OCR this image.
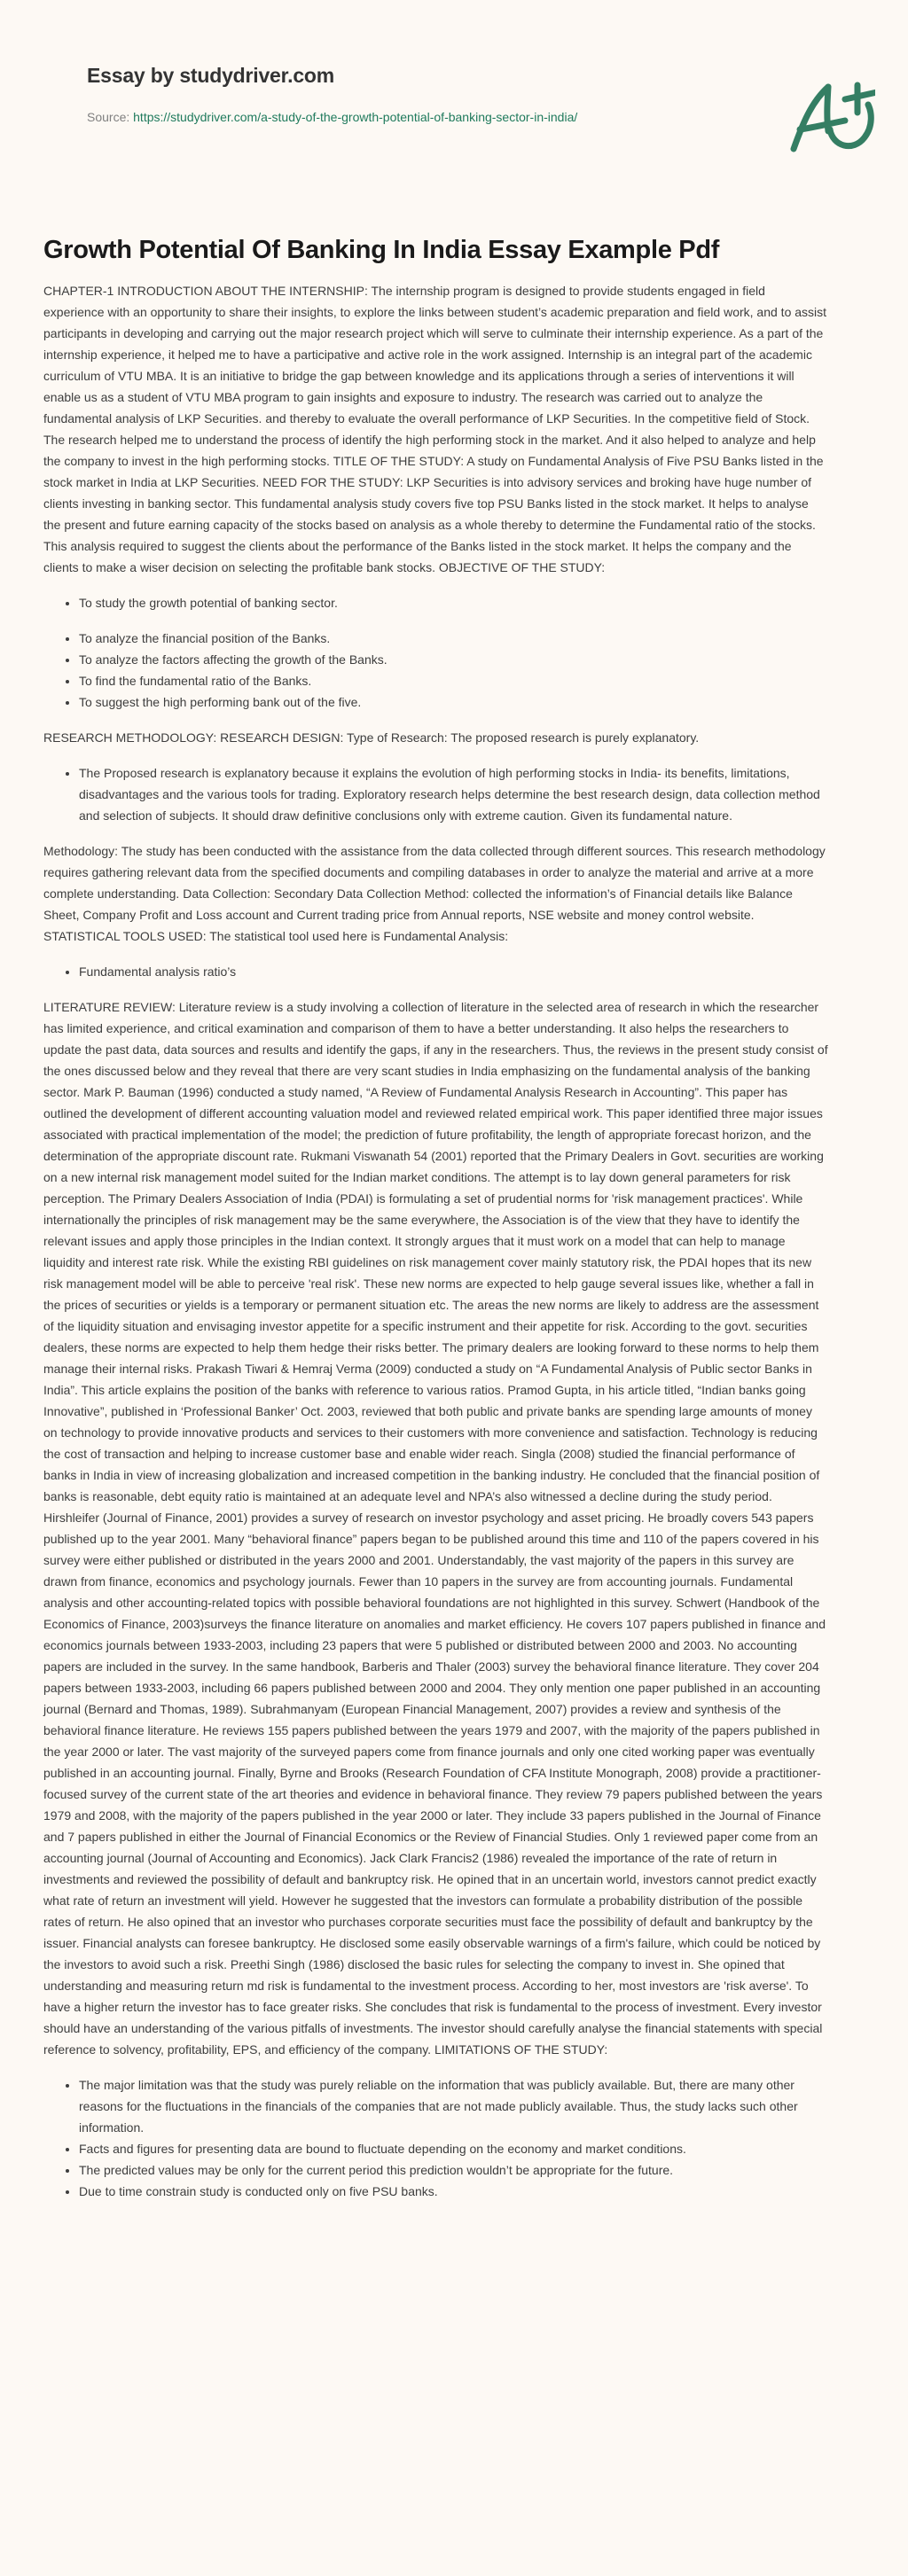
Essay by studydriver.com

Source: https://studydriver.com/a-study-of-the-growth-potential-of-banking-sector-in-india/

Growth Potential Of Banking In India Essay Example Pdf

CHAPTER-1 INTRODUCTION ABOUT THE INTERNSHIP: The internship program is designed to provide students engaged in field experience with an opportunity to share their insights, to explore the links between student’s academic preparation and field work, and to assist participants in developing and carrying out the major research project which will serve to culminate their internship experience. As a part of the internship experience, it helped me to have a participative and active role in the work assigned. Internship is an integral part of the academic curriculum of VTU MBA. It is an initiative to bridge the gap between knowledge and its applications through a series of interventions it will enable us as a student of VTU MBA program to gain insights and exposure to industry. The research was carried out to analyze the fundamental analysis of LKP Securities. and thereby to evaluate the overall performance of LKP Securities. In the competitive field of Stock. The research helped me to understand the process of identify the high performing stock in the market. And it also helped to analyze and help the company to invest in the high performing stocks. TITLE OF THE STUDY: A study on Fundamental Analysis of Five PSU Banks listed in the stock market in India at LKP Securities. NEED FOR THE STUDY: LKP Securities is into advisory services and broking have huge number of clients investing in banking sector. This fundamental analysis study covers five top PSU Banks listed in the stock market. It helps to analyse the present and future earning capacity of the stocks based on analysis as a whole thereby to determine the Fundamental ratio of the stocks. This analysis required to suggest the clients about the performance of the Banks listed in the stock market. It helps the company and the clients to make a wiser decision on selecting the profitable bank stocks. OBJECTIVE OF THE STUDY:

• To study the growth potential of banking sector.
• To analyze the financial position of the Banks.
• To analyze the factors affecting the growth of the Banks.
• To find the fundamental ratio of the Banks.
• To suggest the high performing bank out of the five.

RESEARCH METHODOLOGY: RESEARCH DESIGN: Type of Research: The proposed research is purely explanatory.

• The Proposed research is explanatory because it explains the evolution of high performing stocks in India- its benefits, limitations, disadvantages and the various tools for trading. Exploratory research helps determine the best research design, data collection method and selection of subjects. It should draw definitive conclusions only with extreme caution. Given its fundamental nature.

Methodology: The study has been conducted with the assistance from the data collected through different sources. This research methodology requires gathering relevant data from the specified documents and compiling databases in order to analyze the material and arrive at a more complete understanding. Data Collection: Secondary Data Collection Method: collected the information’s of Financial details like Balance Sheet, Company Profit and Loss account and Current trading price from Annual reports, NSE website and money control website. STATISTICAL TOOLS USED: The statistical tool used here is Fundamental Analysis:

• Fundamental analysis ratio’s

LITERATURE REVIEW: Literature review is a study involving a collection of literature in the selected area of research in which the researcher has limited experience, and critical examination and comparison of them to have a better understanding. It also helps the researchers to update the past data, data sources and results and identify the gaps, if any in the researchers. Thus, the reviews in the present study consist of the ones discussed below and they reveal that there are very scant studies in India emphasizing on the fundamental analysis of the banking sector. Mark P. Bauman (1996) conducted a study named, “A Review of Fundamental Analysis Research in Accounting”. This paper has outlined the development of different accounting valuation model and reviewed related empirical work. This paper identified three major issues associated with practical implementation of the model; the prediction of future profitability, the length of appropriate forecast horizon, and the determination of the appropriate discount rate. Rukmani Viswanath 54 (2001) reported that the Primary Dealers in Govt. securities are working on a new internal risk management model suited for the Indian market conditions. The attempt is to lay down general parameters for risk perception. The Primary Dealers Association of India (PDAI) is formulating a set of prudential norms for 'risk management practices'. While internationally the principles of risk management may be the same everywhere, the Association is of the view that they have to identify the relevant issues and apply those principles in the Indian context. It strongly argues that it must work on a model that can help to manage liquidity and interest rate risk. While the existing RBI guidelines on risk management cover mainly statutory risk, the PDAI hopes that its new risk management model will be able to perceive 'real risk'. These new norms are expected to help gauge several issues like, whether a fall in the prices of securities or yields is a temporary or permanent situation etc. The areas the new norms are likely to address are the assessment of the liquidity situation and envisaging investor appetite for a specific instrument and their appetite for risk. According to the govt. securities dealers, these norms are expected to help them hedge their risks better. The primary dealers are looking forward to these norms to help them manage their internal risks. Prakash Tiwari & Hemraj Verma (2009) conducted a study on “A Fundamental Analysis of Public sector Banks in India”. This article explains the position of the banks with reference to various ratios. Pramod Gupta, in his article titled, “Indian banks going Innovative”, published in ‘Professional Banker’ Oct. 2003, reviewed that both public and private banks are spending large amounts of money on technology to provide innovative products and services to their customers with more convenience and satisfaction. Technology is reducing the cost of transaction and helping to increase customer base and enable wider reach. Singla (2008) studied the financial performance of banks in India in view of increasing globalization and increased competition in the banking industry. He concluded that the financial position of banks is reasonable, debt equity ratio is maintained at an adequate level and NPA’s also witnessed a decline during the study period. Hirshleifer (Journal of Finance, 2001) provides a survey of research on investor psychology and asset pricing. He broadly covers 543 papers published up to the year 2001. Many “behavioral finance” papers began to be published around this time and 110 of the papers covered in his survey were either published or distributed in the years 2000 and 2001. Understandably, the vast majority of the papers in this survey are drawn from finance, economics and psychology journals. Fewer than 10 papers in the survey are from accounting journals. Fundamental analysis and other accounting-related topics with possible behavioral foundations are not highlighted in this survey. Schwert (Handbook of the Economics of Finance, 2003)surveys the finance literature on anomalies and market efficiency. He covers 107 papers published in finance and economics journals between 1933-2003, including 23 papers that were 5 published or distributed between 2000 and 2003. No accounting papers are included in the survey. In the same handbook, Barberis and Thaler (2003) survey the behavioral finance literature. They cover 204 papers between 1933-2003, including 66 papers published between 2000 and 2004. They only mention one paper published in an accounting journal (Bernard and Thomas, 1989). Subrahmanyam (European Financial Management, 2007) provides a review and synthesis of the behavioral finance literature. He reviews 155 papers published between the years 1979 and 2007, with the majority of the papers published in the year 2000 or later. The vast majority of the surveyed papers come from finance journals and only one cited working paper was eventually published in an accounting journal. Finally, Byrne and Brooks (Research Foundation of CFA Institute Monograph, 2008) provide a practitioner-focused survey of the current state of the art theories and evidence in behavioral finance. They review 79 papers published between the years 1979 and 2008, with the majority of the papers published in the year 2000 or later. They include 33 papers published in the Journal of Finance and 7 papers published in either the Journal of Financial Economics or the Review of Financial Studies. Only 1 reviewed paper come from an accounting journal (Journal of Accounting and Economics). Jack Clark Francis2 (1986) revealed the importance of the rate of return in investments and reviewed the possibility of default and bankruptcy risk. He opined that in an uncertain world, investors cannot predict exactly what rate of return an investment will yield. However he suggested that the investors can formulate a probability distribution of the possible rates of return. He also opined that an investor who purchases corporate securities must face the possibility of default and bankruptcy by the issuer. Financial analysts can foresee bankruptcy. He disclosed some easily observable warnings of a firm's failure, which could be noticed by the investors to avoid such a risk. Preethi Singh (1986) disclosed the basic rules for selecting the company to invest in. She opined that understanding and measuring return md risk is fundamental to the investment process. According to her, most investors are 'risk averse'. To have a higher return the investor has to face greater risks. She concludes that risk is fundamental to the process of investment. Every investor should have an understanding of the various pitfalls of investments. The investor should carefully analyse the financial statements with special reference to solvency, profitability, EPS, and efficiency of the company. LIMITATIONS OF THE STUDY:

• The major limitation was that the study was purely reliable on the information that was publicly available. But, there are many other reasons for the fluctuations in the financials of the companies that are not made publicly available. Thus, the study lacks such other information.
• Facts and figures for presenting data are bound to fluctuate depending on the economy and market conditions.
• The predicted values may be only for the current period this prediction wouldn’t be appropriate for the future.
• Due to time constrain study is conducted only on five PSU banks.
